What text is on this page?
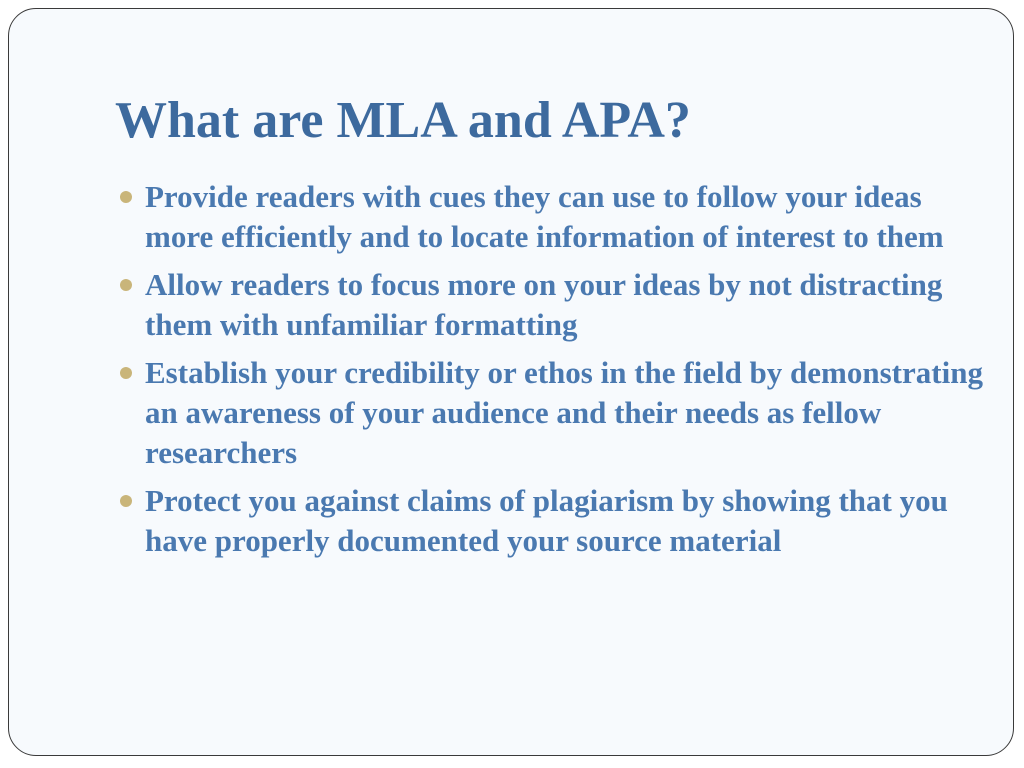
What are MLA and APA?
Provide readers with cues they can use to follow your ideas more efficiently and to locate information of interest to them
Allow readers to focus more on your ideas by not distracting them with unfamiliar formatting
Establish your credibility or ethos in the field by demonstrating an awareness of your audience and their needs as fellow researchers
Protect you against claims of plagiarism by showing that you have properly documented your source material
